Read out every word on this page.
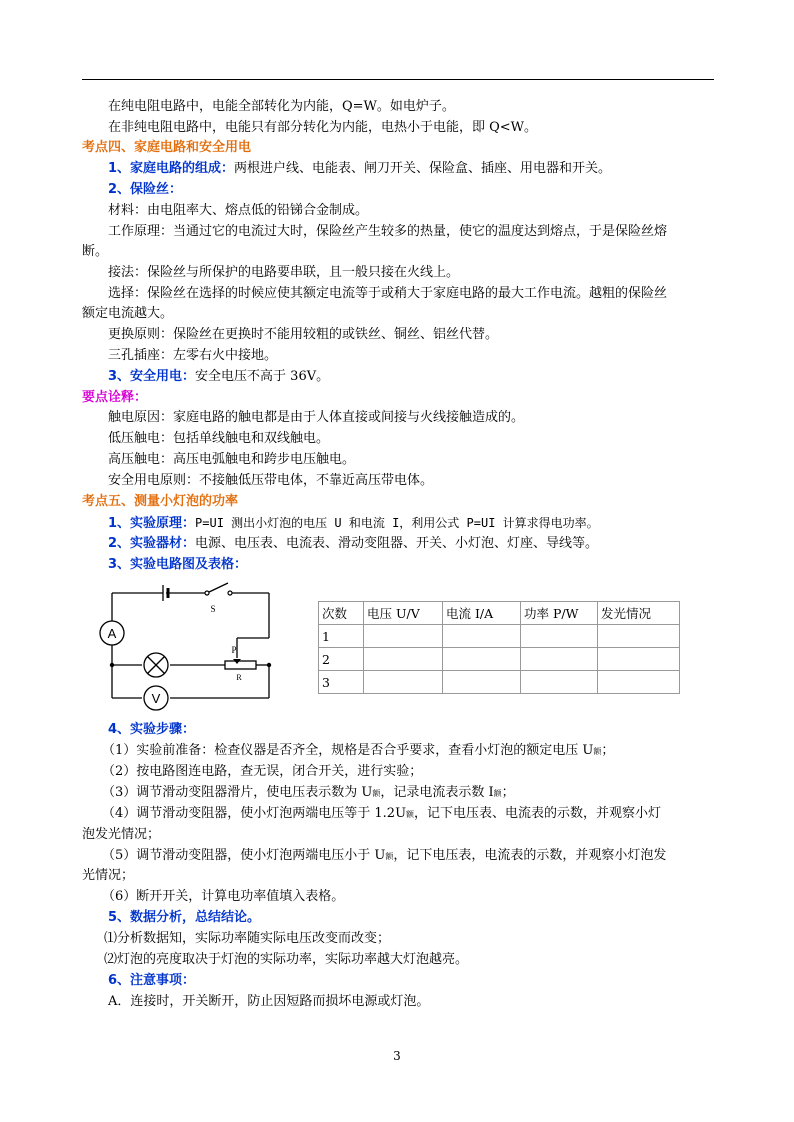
在纯电阻电路中，电能全部转化为内能，Q=W。如电炉子。
在非纯电阻电路中，电能只有部分转化为内能，电热小于电能，即 Q<W。
考点四、家庭电路和安全用电
1、家庭电路的组成：两根进户线、电能表、闸刀开关、保险盒、插座、用电器和开关。
2、保险丝：
材料：由电阻率大、熔点低的铅锑合金制成。
工作原理：当通过它的电流过大时，保险丝产生较多的热量，使它的温度达到熔点，于是保险丝熔
断。
接法：保险丝与所保护的电路要串联，且一般只接在火线上。
选择：保险丝在选择的时候应使其额定电流等于或稍大于家庭电路的最大工作电流。越粗的保险丝
额定电流越大。
更换原则：保险丝在更换时不能用较粗的或铁丝、铜丝、铝丝代替。
三孔插座：左零右火中接地。
3、安全用电：安全电压不高于 36V。
要点诠释：
触电原因：家庭电路的触电都是由于人体直接或间接与火线接触造成的。
低压触电：包括单线触电和双线触电。
高压触电：高压电弧触电和跨步电压触电。
安全用电原则：不接触低压带电体，不靠近高压带电体。
考点五、测量小灯泡的功率
1、实验原理：P=UI 测出小灯泡的电压 U 和电流 I，利用公式 P=UI 计算求得电功率。
2、实验器材：电源、电压表、电流表、滑动变阻器、开关、小灯泡、灯座、导线等。
3、实验电路图及表格：
A
V
S
P
R
次数	电压 U/V	电流 I/A	功率 P/W	发光情况
1				
2				
3				
4、实验步骤：
（1）实验前准备：检查仪器是否齐全，规格是否合乎要求，查看小灯泡的额定电压 U额；
（2）按电路图连电路，查无误，闭合开关，进行实验；
（3）调节滑动变阻器滑片，使电压表示数为 U额，记录电流表示数 I额；
（4）调节滑动变阻器，使小灯泡两端电压等于 1.2U额，记下电压表、电流表的示数，并观察小灯
泡发光情况；
（5）调节滑动变阻器，使小灯泡两端电压小于 U额，记下电压表，电流表的示数，并观察小灯泡发
光情况；
（6）断开开关，计算电功率值填入表格。
5、数据分析，总结结论。
⑴分析数据知，实际功率随实际电压改变而改变；
⑵灯泡的亮度取决于灯泡的实际功率，实际功率越大灯泡越亮。
6、注意事项：
A．连接时，开关断开，防止因短路而损坏电源或灯泡。
3
